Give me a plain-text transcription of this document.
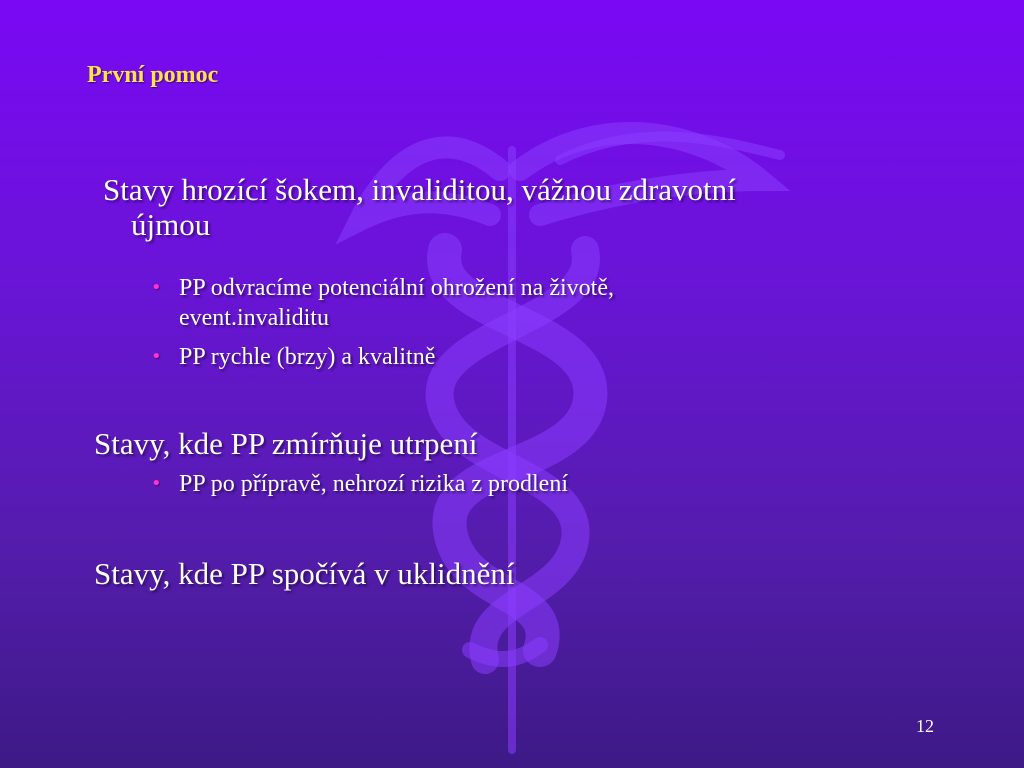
První pomoc
Stavy hrozící šokem, invaliditou, vážnou zdravotní
újmou
• PP odvracíme potenciální ohrožení na životě,
event.invaliditu
• PP rychle (brzy) a kvalitně
Stavy, kde PP zmírňuje utrpení
• PP po přípravě, nehrozí rizika z prodlení
Stavy, kde PP spočívá v uklidnění
12
